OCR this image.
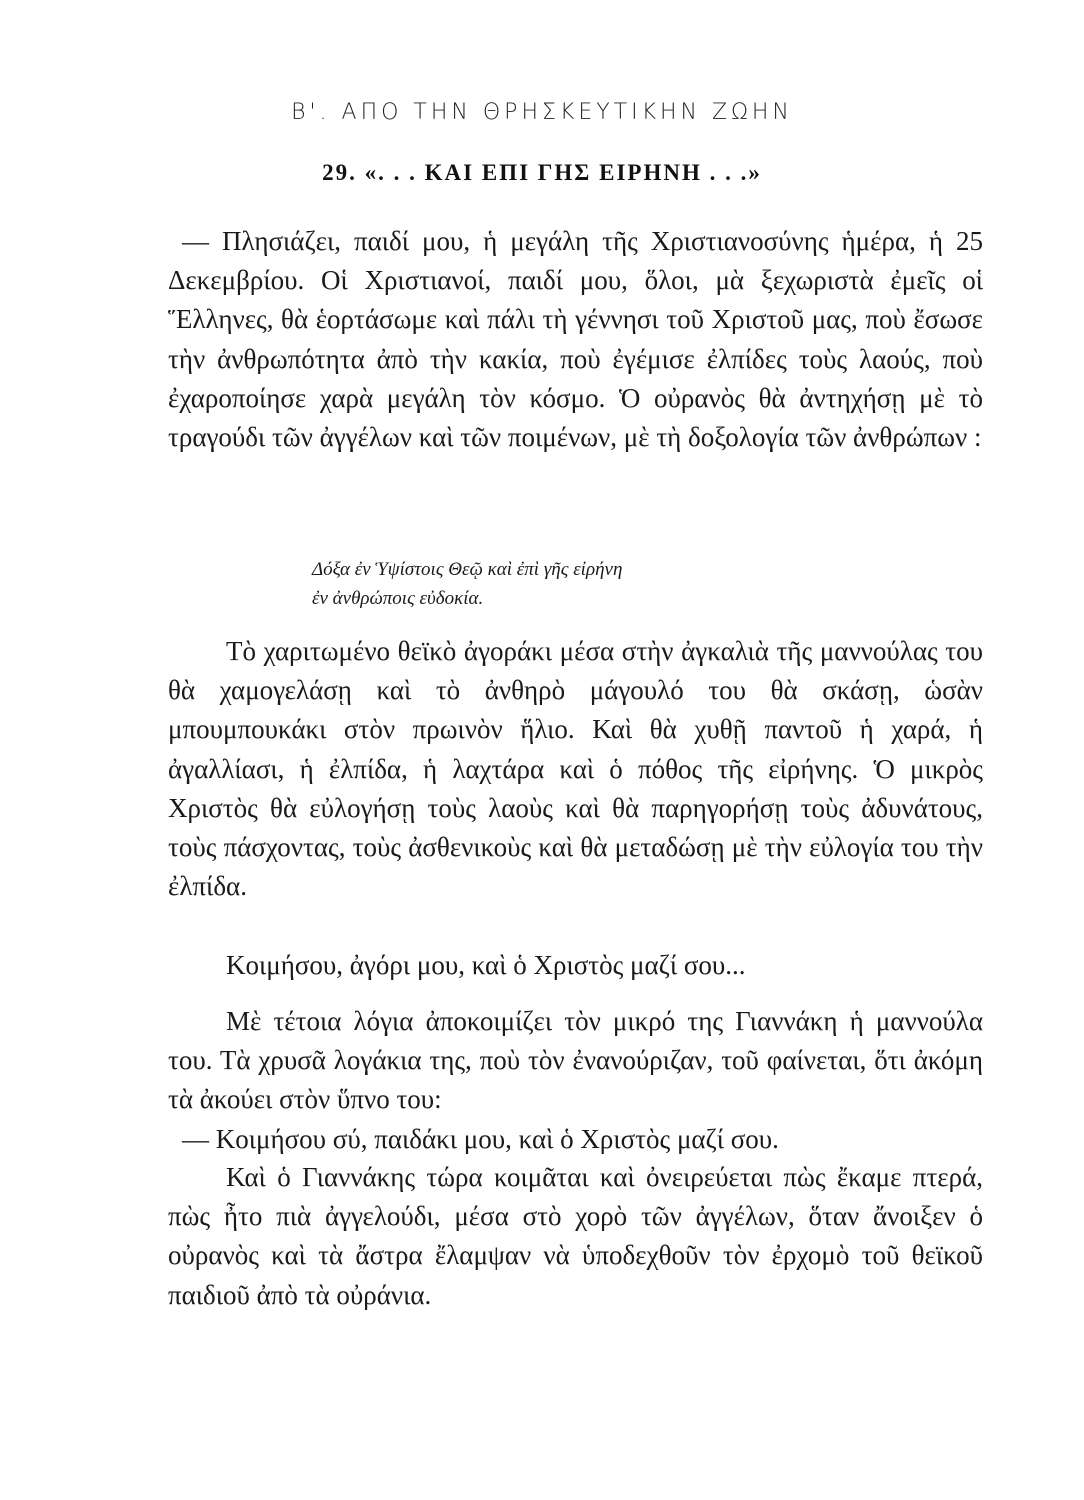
Β'. ΑΠΟ ΤΗΝ ΘΡΗΣΚΕΥΤΙΚΗΝ ΖΩΗΝ
29. «. . . ΚΑΙ ΕΠΙ ΓΗΣ ΕΙΡΗΝΗ . . .»

— Πλησιάζει, παιδί μου, ἡ μεγάλη τῆς Χριστιανοσύνης ἡμέρα, ἡ 25 Δεκεμβρίου. Οἱ Χριστιανοί, παιδί μου, ὅλοι, μὰ ξεχωριστὰ ἐμεῖς οἱ Ἕλληνες, θὰ ἑορτάσωμε καὶ πάλι τὴ γέννησι τοῦ Χριστοῦ μας, ποὺ ἔσωσε τὴν ἀνθρωπότητα ἀπὸ τὴν κακία, ποὺ ἐγέμισε ἐλπίδες τοὺς λαούς, ποὺ ἐχαροποίησε χαρὰ μεγάλη τὸν κόσμο. Ὁ οὐρανὸς θὰ ἀντηχήσῃ μὲ τὸ τραγούδι τῶν ἀγγέλων καὶ τῶν ποιμένων, μὲ τὴ δοξολογία τῶν ἀνθρώπων :

Δόξα ἐν Ὑψίστοις Θεῷ καὶ ἐπὶ γῆς εἰρήνη
ἐν ἀνθρώποις εὐδοκία.

Τὸ χαριτωμένο θεϊκὸ ἀγοράκι μέσα στὴν ἀγκαλιὰ τῆς μαννούλας του θὰ χαμογελάσῃ καὶ τὸ ἀνθηρὸ μάγουλό του θὰ σκάσῃ, ὡσὰν μπουμπουκάκι στὸν πρωινὸν ἥλιο. Καὶ θὰ χυθῇ παντοῦ ἡ χαρά, ἡ ἀγαλλίασι, ἡ ἐλπίδα, ἡ λαχτάρα καὶ ὁ πόθος τῆς εἰρήνης. Ὁ μικρὸς Χριστὸς θὰ εὐλογήσῃ τοὺς λαοὺς καὶ θὰ παρηγορήσῃ τοὺς ἀδυνάτους, τοὺς πάσχοντας, τοὺς ἀσθενικοὺς καὶ θὰ μεταδώσῃ μὲ τὴν εὐλογία του τὴν ἐλπίδα.

Κοιμήσου, ἀγόρι μου, καὶ ὁ Χριστὸς μαζί σου...

Μὲ τέτοια λόγια ἀποκοιμίζει τὸν μικρό της Γιαννάκη ἡ μαννούλα του. Τὰ χρυσᾶ λογάκια της, ποὺ τὸν ἐνανούριζαν, τοῦ φαίνεται, ὅτι ἀκόμη τὰ ἀκούει στὸν ὕπνο του:

— Κοιμήσου σύ, παιδάκι μου, καὶ ὁ Χριστὸς μαζί σου.

Καὶ ὁ Γιαννάκης τώρα κοιμᾶται καὶ ὀνειρεύεται πὼς ἔκαμε πτερά, πὼς ἦτο πιὰ ἀγγελούδι, μέσα στὸ χορὸ τῶν ἀγγέλων, ὅταν ἄνοιξεν ὁ οὐρανὸς καὶ τὰ ἄστρα ἔλαμψαν νὰ ὑποδεχθοῦν τὸν ἐρχομὸ τοῦ θεϊκοῦ παιδιοῦ ἀπὸ τὰ οὐράνια.
